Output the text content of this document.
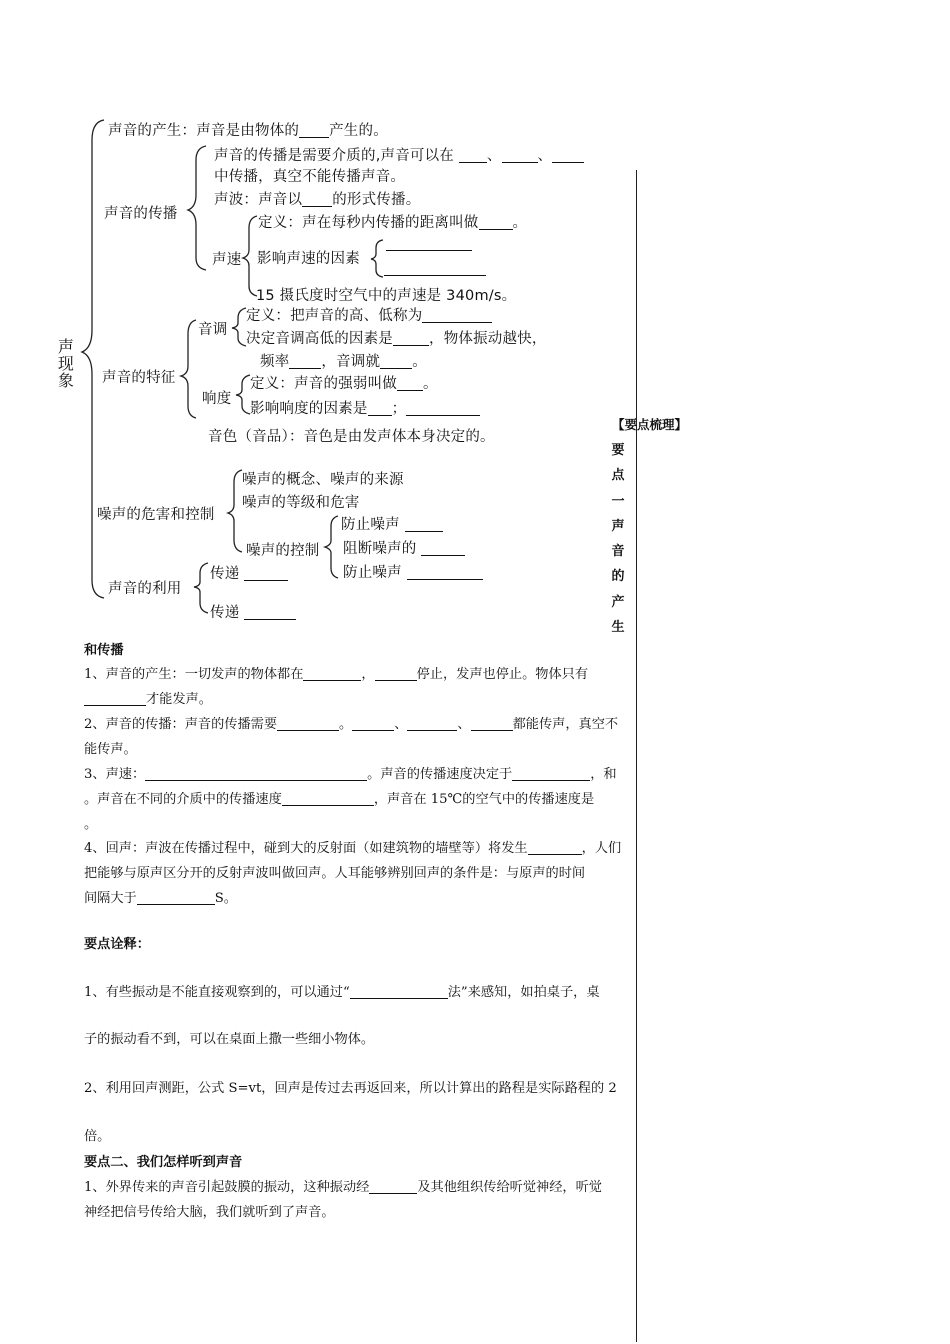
声
现
象
声音的产生：声音是由物体的 产生的。
声音的传播
声音的传播是需要介质的,声音可以在 、 、
中传播，真空不能传播声音。
声波：声音以 的形式传播。
声速
定义：声在每秒内传播的距离叫做 。
影响声速的因素
15 摄氏度时空气中的声速是 340m/s。
声音的特征
音调
定义：把声音的高、低称为
决定音调高低的因素是 ，物体振动越快，
频率 ，音调就 。
响度
定义：声音的强弱叫做 。
影响响度的因素是 ；
音色（音品）：音色是由发声体本身决定的。
噪声的危害和控制
噪声的概念、噪声的来源
噪声的等级和危害
噪声的控制
防止噪声
阻断噪声的
防止噪声
声音的利用
传递
传递
【要点梳理】
要
点
一
声
音
的
产
生
和传播
1、声音的产生：一切发声的物体都在	，	停止，发声也停止。物体只有
才能发声。
2、声音的传播：声音的传播需要	。	、	、	都能传声，真空不
能传声。
3、声速：	。声音的传播速度决定于	，和
。声音在不同的介质中的传播速度	，声音在 15℃的空气中的传播速度是
。
4、回声：声波在传播过程中，碰到大的反射面（如建筑物的墙壁等）将发生	，人们
把能够与原声区分开的反射声波叫做回声。人耳能够辨别回声的条件是：与原声的时间
间隔大于	S。
要点诠释：
1、有些振动是不能直接观察到的，可以通过“	法”来感知，如拍桌子，桌
子的振动看不到，可以在桌面上撒一些细小物体。
2、利用回声测距，公式 S=vt，回声是传过去再返回来，所以计算出的路程是实际路程的 2
倍。
要点二、我们怎样听到声音
1、外界传来的声音引起鼓膜的振动，这种振动经	及其他组织传给听觉神经，听觉
神经把信号传给大脑，我们就听到了声音。
